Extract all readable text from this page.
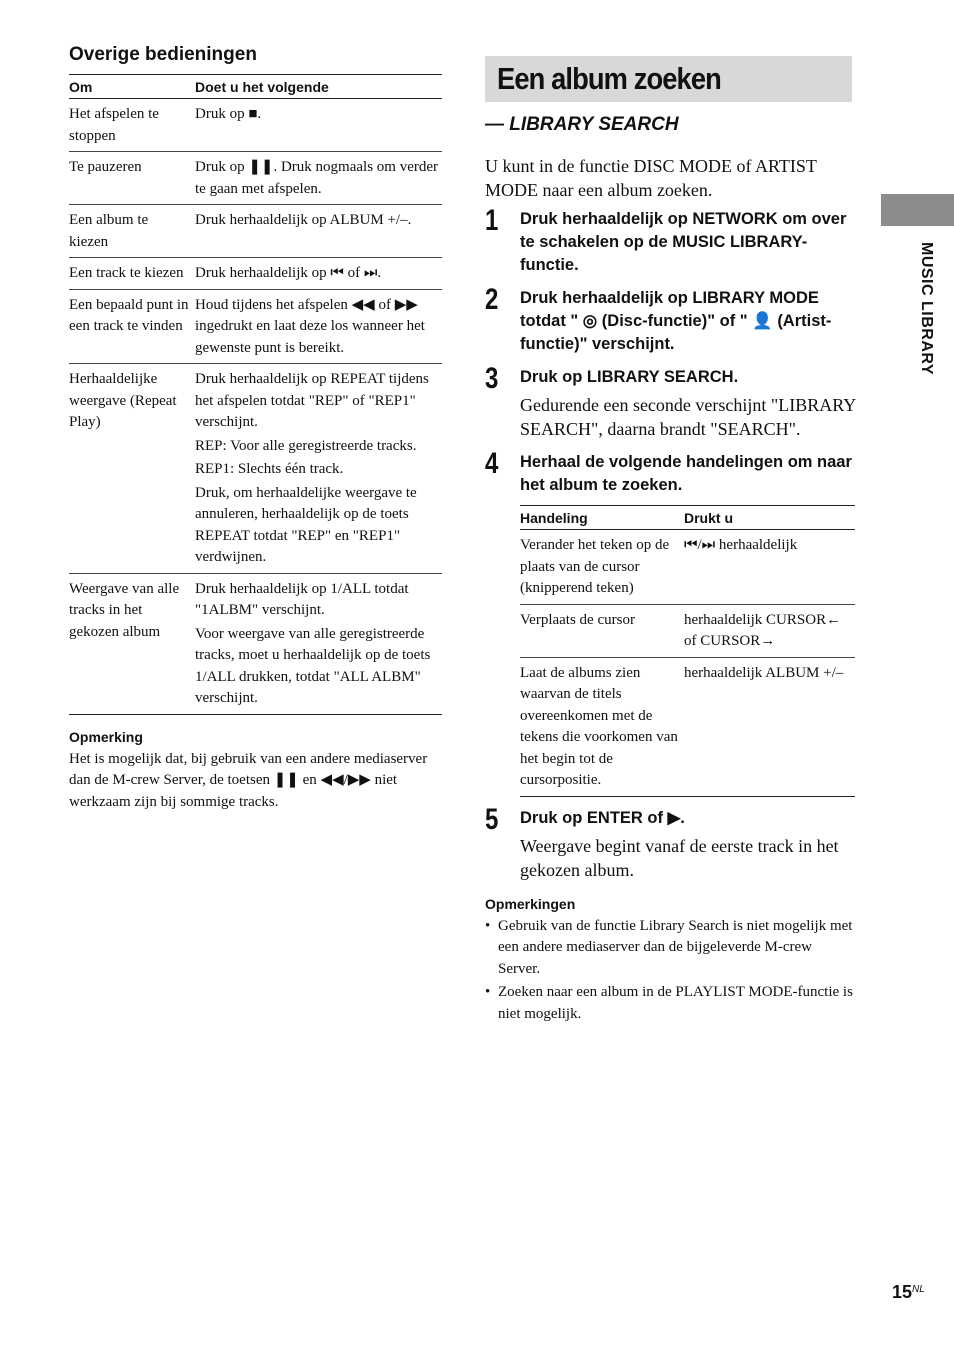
Overige bedieningen
Om	Doet u het volgende
Het afspelen te stoppen	Druk op ■.
Te pauzeren	Druk op ❚❚. Druk nogmaals om verder te gaan met afspelen.
Een album te kiezen	Druk herhaaldelijk op ALBUM +/–.
Een track te kiezen	Druk herhaaldelijk op ⏮ of ⏭.
Een bepaald punt in een track te vinden	Houd tijdens het afspelen ◀◀ of ▶▶ ingedrukt en laat deze los wanneer het gewenste punt is bereikt.
Herhaaldelijke weergave (Repeat Play)	Druk herhaaldelijk op REPEAT tijdens het afspelen totdat "REP" of "REP1" verschijnt.
REP: Voor alle geregistreerde tracks.
REP1: Slechts één track.
Druk, om herhaaldelijke weergave te annuleren, herhaaldelijk op de toets REPEAT totdat "REP" en "REP1" verdwijnen.

Weergave van alle tracks in het gekozen album	Druk herhaaldelijk op 1/ALL totdat "1ALBM" verschijnt.
Voor weergave van alle geregistreerde tracks, moet u herhaaldelijk op de toets 1/ALL drukken, totdat "ALL ALBM" verschijnt.
Opmerking

Het is mogelijk dat, bij gebruik van een andere mediaserver dan de M-crew Server, de toetsen ❚❚ en ◀◀/▶▶ niet werkzaam zijn bij sommige tracks.

Een album zoeken
— LIBRARY SEARCH

U kunt in de functie DISC MODE of ARTIST MODE naar een album zoeken.

1 Druk herhaaldelijk op NETWORK om over te schakelen op de MUSIC LIBRARY-functie.

2 Druk herhaaldelijk op LIBRARY MODE totdat " ◎ (Disc-functie)" of " 👤 (Artist-functie)" verschijnt.

3 Druk op LIBRARY SEARCH.

Gedurende een seconde verschijnt "LIBRARY SEARCH", daarna brandt "SEARCH".

4 Herhaal de volgende handelingen om naar het album te zoeken.

Handeling	Drukt u
Verander het teken op de plaats van de cursor (knipperend teken)	⏮/⏭ herhaaldelijk
Verplaats de cursor	herhaaldelijk CURSOR← of CURSOR→
Laat de albums zien waarvan de titels overeenkomen met de tekens die voorkomen van het begin tot de cursorpositie.	herhaaldelijk ALBUM +/–
5 Druk op ENTER of ▶.

Weergave begint vanaf de eerste track in het gekozen album.

Opmerkingen
• Gebruik van de functie Library Search is niet mogelijk met een andere mediaserver dan de bijgeleverde M-crew Server.
• Zoeken naar een album in de PLAYLIST MODE-functie is niet mogelijk.
MUSIC LIBRARY
$15^{NL}$
